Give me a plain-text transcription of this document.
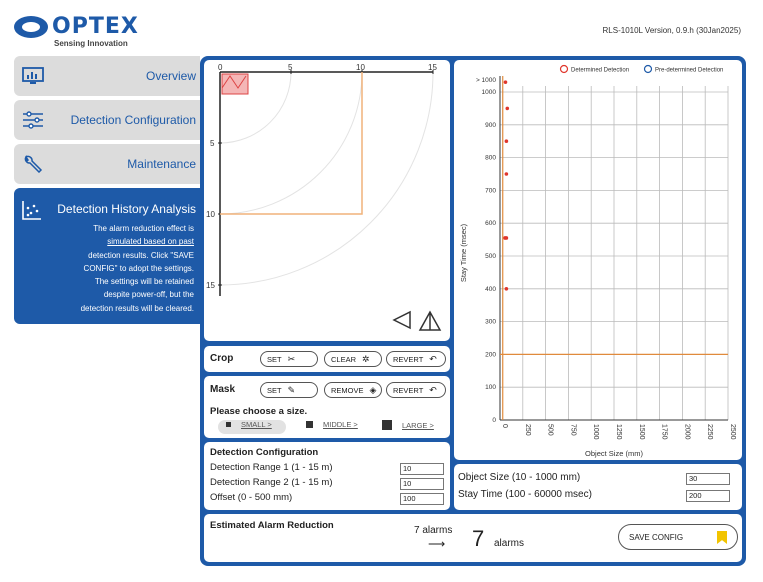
OPTEX
Sensing Innovation
RLS-1010L Version, 0.9.h (30Jan2025)
Overview
Detection Configuration
Maintenance
Detection History Analysis
The alarm reduction effect is
simulated based on past
detection results. Click "SAVE
CONFIG" to adopt the settings.
The settings will be retained
despite power-off, but the
detection results will be cleared.
0	5	10	15
5
10
15
Crop	SET ✂	CLEAR ✲	REVERT ↶
Mask	SET ✎	REMOVE ◈ REVERT ↶
Please choose a size.
SMALL >	MIDDLE >	LARGE >
Detection Configuration
Detection Range 1 (1 - 15 m)	10
Detection Range 2 (1 - 15 m)	10
Offset (0 - 500 mm)	100
0 250 500 750 1000 1250 1500 1750 2000 2250 2500
0
100
200
300
400
500
600
700
800
900
1000
> 1000
Object Size (mm)
Stay Time (msec)
Determined Detection	Pre-determined Detection
Object Size (10 - 1000 mm)	30
Stay Time (100 - 60000 msec)	200
Estimated Alarm Reduction	7 alarms
⟶ 7 alarms
SAVE CONFIG
